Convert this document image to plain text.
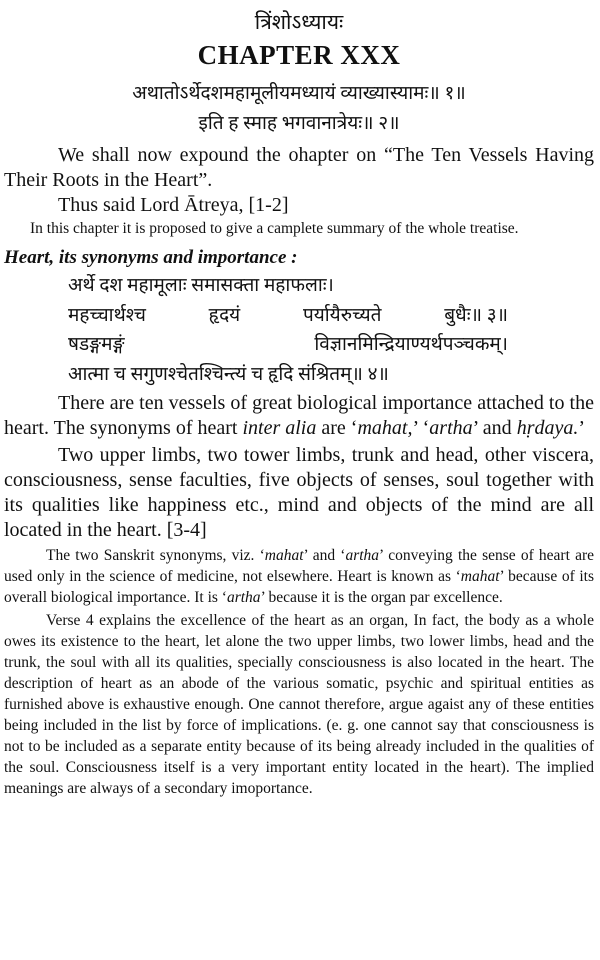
त्रिंशोऽध्यायः
CHAPTER XXX
अथातोऽर्थेदशमहामूलीयमध्यायं व्याख्यास्यामः॥ १॥
इति ह स्माह भगवानात्रेयः॥ २॥
We shall now expound the ohapter on “The Ten Vessels Having Their Roots in the Heart”.
Thus said Lord Ātreya, [1-2]
In this chapter it is proposed to give a camplete summary of the whole treatise.
Heart, its synonyms and importance :
अर्थे दश महामूलाः समासक्ता महाफलाः।
महच्चार्थश्च	हृदयं	पर्यायैरुच्यते	बुधैः॥ ३॥
षडङ्गमङ्गं	विज्ञानमिन्द्रियाण्यर्थपञ्चकम्।
आत्मा च सगुणश्चेतश्चिन्त्यं च हृदि संश्रितम्॥ ४॥
There are ten vessels of great biological importance attached to the heart. The synonyms of heart inter alia are ‘mahat,’ ‘artha’ and hṛdaya.’
Two upper limbs, two tower limbs, trunk and head, other viscera, consciousness, sense faculties, five objects of senses, soul together with its qualities like happiness etc., mind and objects of the mind are all located in the heart. [3-4]
The two Sanskrit synonyms, viz. ‘mahat’ and ‘artha’ conveying the sense of heart are used only in the science of medicine, not elsewhere. Heart is known as ‘mahat’ because of its overall biological importance. It is ‘artha’ because it is the organ par excellence.
Verse 4 explains the excellence of the heart as an organ, In fact, the body as a whole owes its existence to the heart, let alone the two upper limbs, two lower limbs, head and the trunk, the soul with all its qualities, specially consciousness is also located in the heart. The description of heart as an abode of the various somatic, psychic and spiritual entities as furnished above is exhaustive enough. One cannot therefore, argue agaist any of these entities being included in the list by force of implications. (e. g. one cannot say that consciousness is not to be included as a separate entity because of its being already included in the qualities of the soul. Consciousness itself is a very important entity located in the heart). The implied meanings are always of a secondary imoportance.
